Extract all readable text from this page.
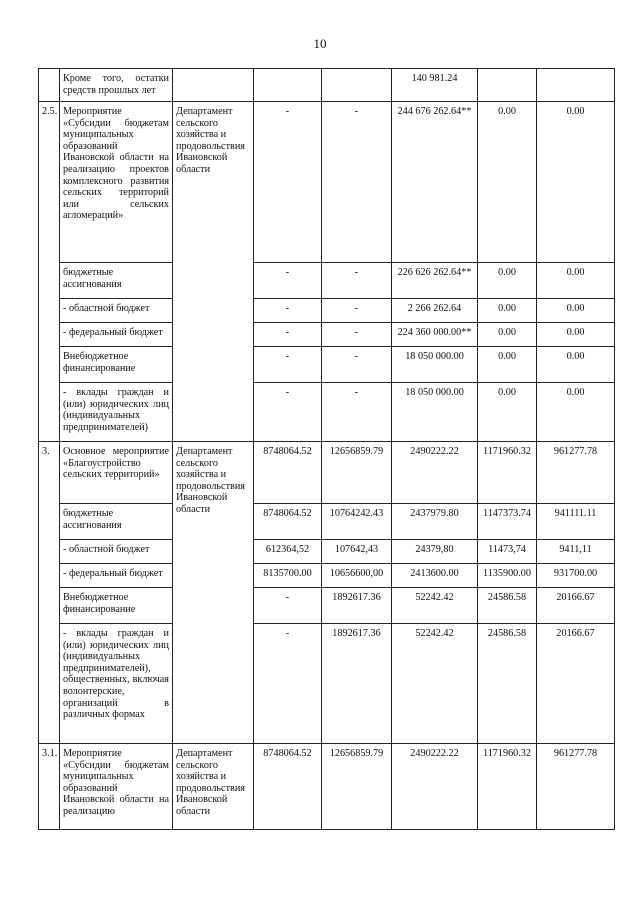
10
	Кроме того, остатки средств прошлых лет				140 981.24		
2.5.	Мероприятие «Субсидии бюджетам муниципальных образований Ивановской области на реализацию проектов комплексного развития сельских территорий или сельских агломераций»	Департамент сельского хозяйства и продовольствия Ивановской области	-	-	244 676 262.64**	0.00	0.00
	бюджетные ассигнования		-	-	226 626 262.64**	0.00	0.00
	- областной бюджет		-	-	2 266 262.64	0.00	0.00
	- федеральный бюджет		-	-	224 360 000.00**	0.00	0.00
	Внебюджетное финансирование		-	-	18 050 000.00	0.00	0.00
	- вклады граждан и (или) юридических лиц (индивидуальных предпринимателей)		-	-	18 050 000.00	0.00	0.00
3.	Основное мероприятие «Благоустройство сельских территорий»	Департамент сельского хозяйства и продовольствия Ивановской области	8748064.52	12656859.79	2490222.22	1171960.32	961277.78
	бюджетные ассигнования		8748064.52	10764242.43	2437979.80	1147373.74	941111.11
	- областной бюджет		612364,52	107642,43	24379,80	11473,74	9411,11
	- федеральный бюджет		8135700.00	10656600,00	2413600.00	1135900.00	931700.00
	Внебюджетное финансирование		-	1892617.36	52242.42	24586.58	20166.67
	- вклады граждан и (или) юридических лиц (индивидуальных предпринимателей), общественных, включая волонтерские, организаций в различных формах		-	1892617.36	52242.42	24586.58	20166.67
3.1.	Мероприятие «Субсидии бюджетам муниципальных образований Ивановской области на реализацию	Департамент сельского хозяйства и продовольствия Ивановской области	8748064.52	12656859.79	2490222.22	1171960.32	961277.78
